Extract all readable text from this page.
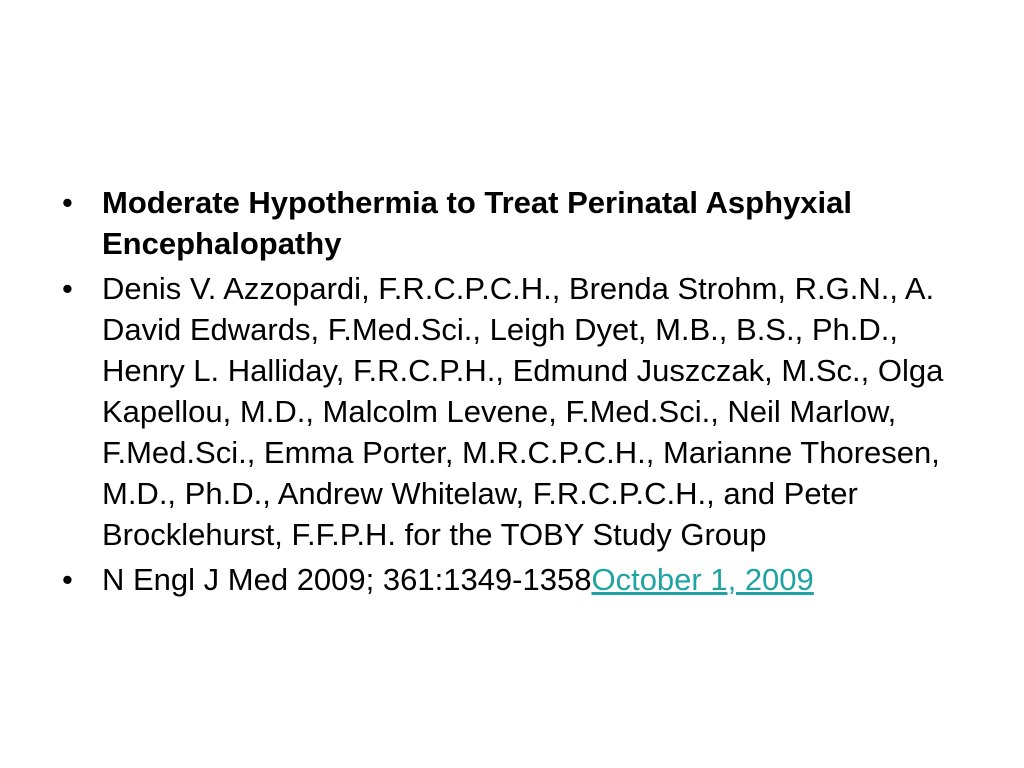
• Moderate Hypothermia to Treat Perinatal Asphyxial Encephalopathy
• Denis V. Azzopardi, F.R.C.P.C.H., Brenda Strohm, R.G.N., A. David Edwards, F.Med.Sci., Leigh Dyet, M.B., B.S., Ph.D., Henry L. Halliday, F.R.C.P.H., Edmund Juszczak, M.Sc., Olga Kapellou, M.D., Malcolm Levene, F.Med.Sci., Neil Marlow, F.Med.Sci., Emma Porter, M.R.C.P.C.H., Marianne Thoresen, M.D., Ph.D., Andrew Whitelaw, F.R.C.P.C.H., and Peter Brocklehurst, F.F.P.H. for the TOBY Study Group
• N Engl J Med 2009; 361:1349-1358October 1, 2009
